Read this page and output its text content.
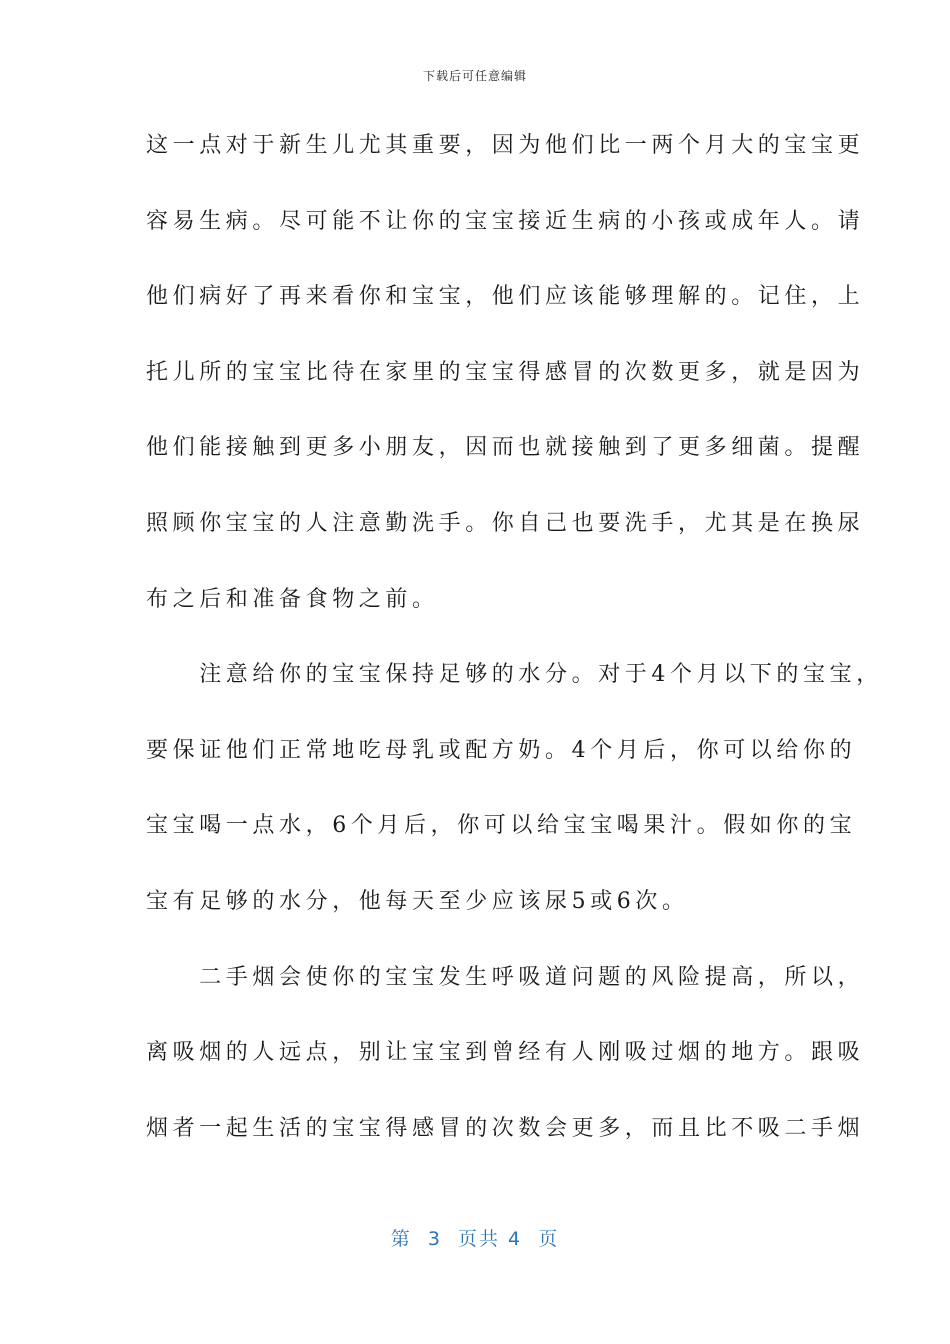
下载后可任意编辑
这一点对于新生儿尤其重要，因为他们比一两个月大的宝宝更
容易生病。尽可能不让你的宝宝接近生病的小孩或成年人。请
他们病好了再来看你和宝宝，他们应该能够理解的。记住，上
托儿所的宝宝比待在家里的宝宝得感冒的次数更多，就是因为
他们能接触到更多小朋友，因而也就接触到了更多细菌。提醒
照顾你宝宝的人注意勤洗手。你自己也要洗手，尤其是在换尿
布之后和准备食物之前。
　　注意给你的宝宝保持足够的水分。对于4个月以下的宝宝，
要保证他们正常地吃母乳或配方奶。4个月后，你可以给你的
宝宝喝一点水，6个月后，你可以给宝宝喝果汁。假如你的宝
宝有足够的水分，他每天至少应该尿5或6次。
　　二手烟会使你的宝宝发生呼吸道问题的风险提高，所以，
离吸烟的人远点，别让宝宝到曾经有人刚吸过烟的地方。跟吸
烟者一起生活的宝宝得感冒的次数会更多，而且比不吸二手烟
第  3  页共 4  页
